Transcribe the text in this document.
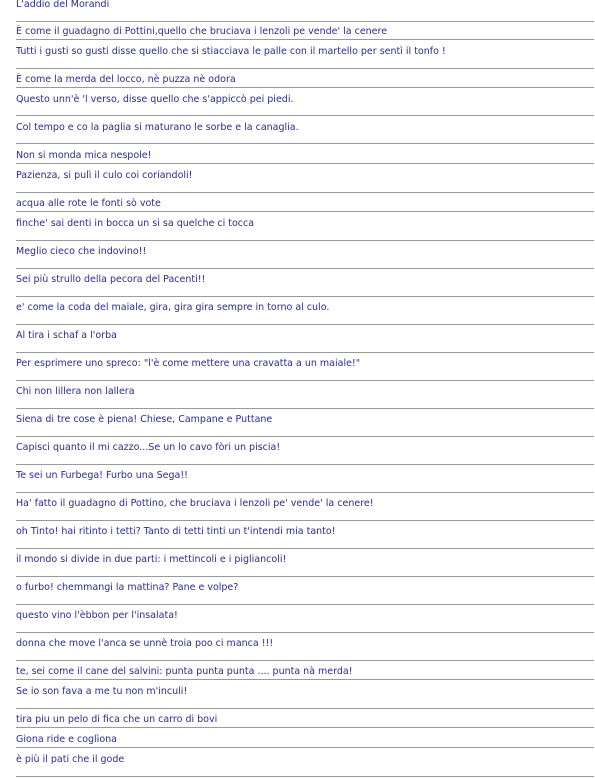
L'addio del Morandi
È come il guadagno di Pottini,quello che bruciava i lenzoli pe vende' la cenere
Tutti i gusti so gusti disse quello che si stiacciava le palle con il martello per sentì il tonfo !
È come la merda del locco, nè puzza nè odora
Questo unn'è 'l verso, disse quello che s'appiccò pei piedi.
Col tempo e co la paglia si maturano le sorbe e la canaglia.
Non si monda mica nespole!
Pazienza, si pulì il culo coi coriandoli!
acqua alle rote le fonti sò vote
finche' sai denti in bocca un si sa quelche ci tocca
Meglio cieco che indovino!!
Sei più strullo della pecora del Pacenti!!
e' come la coda del maiale, gira, gira gira sempre in torno al culo.
Al tira i schaf a l'orba
Per esprimere uno spreco: "l'è come mettere una cravatta a un maiale!"
Chi non lillera non lallera
Siena di tre cose è piena! Chiese, Campane e Puttane
Capisci quanto il mi cazzo...Se un lo cavo fòri un piscia!
Te sei un Furbega! Furbo una Sega!!
Ha' fatto il guadagno di Pottino, che bruciava i lenzoli pe' vende' la cenere!
oh Tinto! hai ritinto i tetti? Tanto di tetti tinti un t'intendi mia tanto!
il mondo si divide in due parti: i mettincoli e i pigliancoli!
o furbo! chemmangi la mattina? Pane e volpe?
questo vino l'èbbon per l'insalata!
donna che move l'anca se unnè troia poo ci manca !!!
te, sei come il cane del salvini: punta punta punta .... punta nà merda!
Se io son fava a me tu non m'inculi!
tira piu un pelo di fica che un carro di bovi
Giona ride e coglìona
è più il pati che il gode
